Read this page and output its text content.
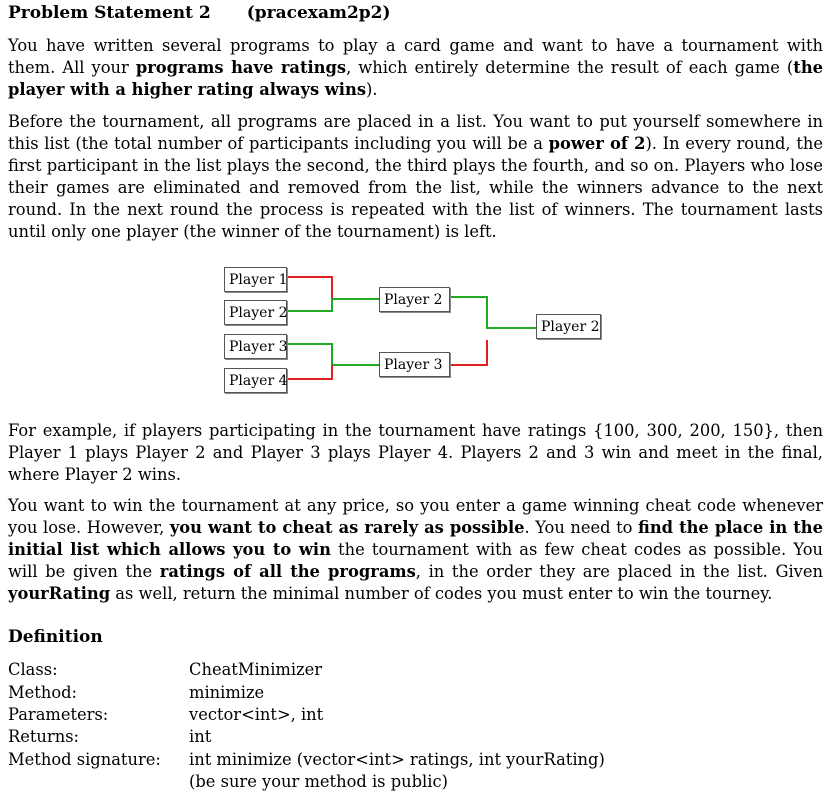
Problem Statement 2 (pracexam2p2)
You have written several programs to play a card game and want to have a tournament with them. All your programs have ratings, which entirely determine the result of each game (the player with a higher rating always wins).
Before the tournament, all programs are placed in a list. You want to put yourself somewhere in this list (the total number of participants including you will be a power of 2). In every round, the first participant in the list plays the second, the third plays the fourth, and so on. Players who lose their games are eliminated and removed from the list, while the winners advance to the next round. In the next round the process is repeated with the list of winners. The tournament lasts until only one player (the winner of the tournament) is left.
Player 1
Player 2
Player 3
Player 4
Player 2
Player 3
Player 2
For example, if players participating in the tournament have ratings {100, 300, 200, 150}, then Player 1 plays Player 2 and Player 3 plays Player 4. Players 2 and 3 win and meet in the final, where Player 2 wins.
You want to win the tournament at any price, so you enter a game winning cheat code whenever you lose. However, you want to cheat as rarely as possible. You need to find the place in the initial list which allows you to win the tournament with as few cheat codes as possible. You will be given the ratings of all the programs, in the order they are placed in the list. Given yourRating as well, return the minimal number of codes you must enter to win the tourney.
Definition
Class:	CheatMinimizer
Method:	minimize
Parameters:	vector<int>, int
Returns:	int
Method signature: int minimize (vector<int> ratings, int yourRating)
(be sure your method is public)
